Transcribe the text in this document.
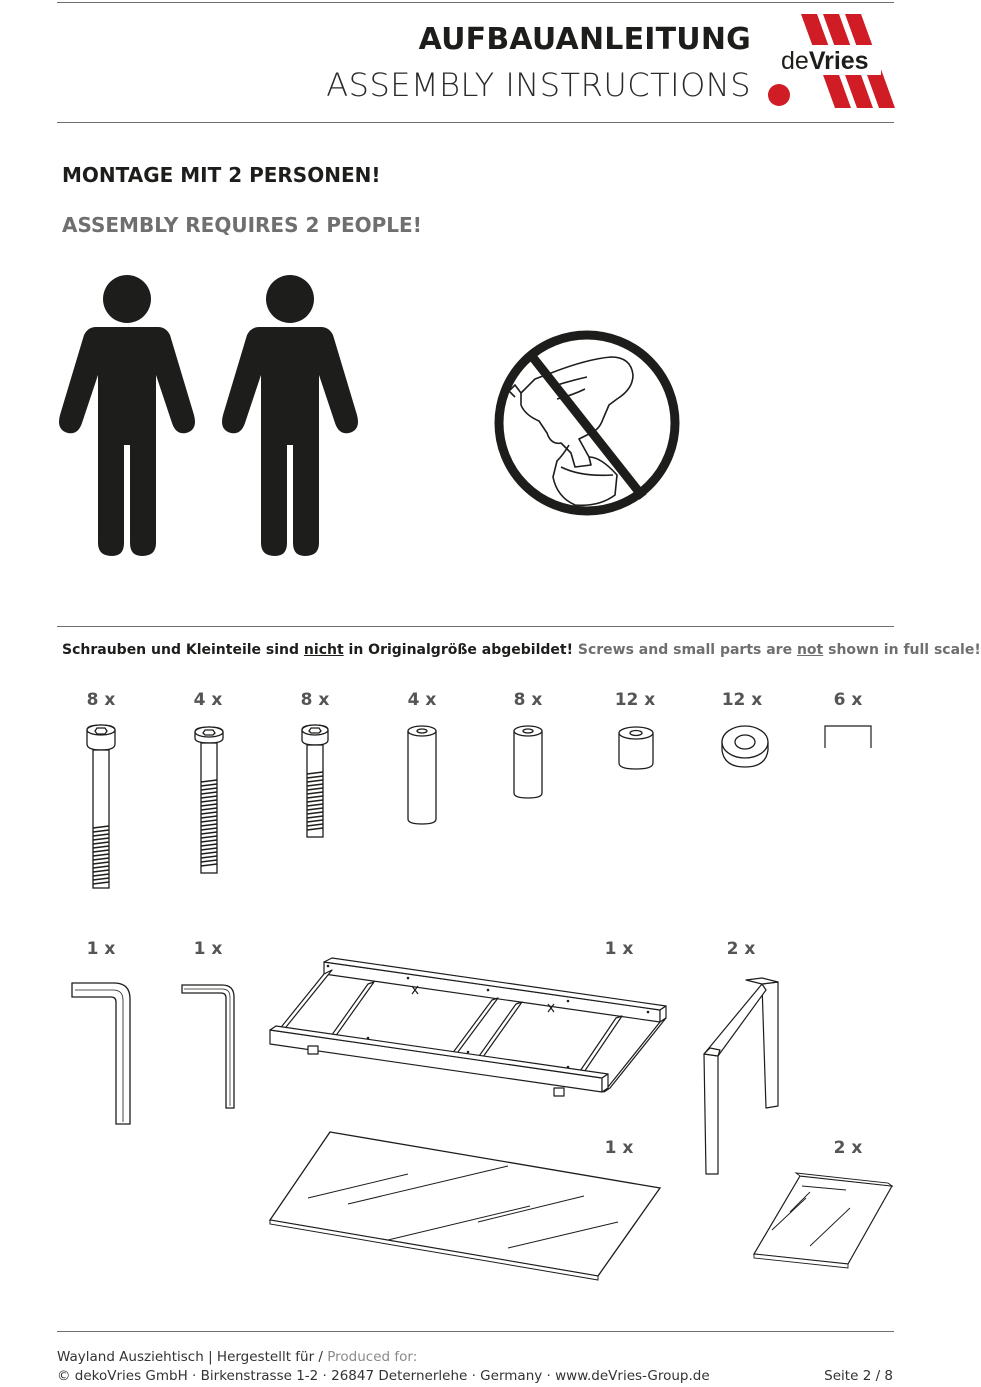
AUFBAUANLEITUNG
ASSEMBLY INSTRUCTIONS
deVries
MONTAGE MIT 2 PERSONEN!
ASSEMBLY REQUIRES 2 PEOPLE!
Schrauben und Kleinteile sind nicht in Originalgröße abgebildet! Screws and small parts are not shown in full scale!
8 x	4 x	8 x	4 x	8 x	12 x	12 x	6 x
1 x	1 x	1 x	2 x
1 x	2 x
Wayland Ausziehtisch | Hergestellt für / Produced for:
© dekoVries GmbH · Birkenstrasse 1-2 · 26847 Deternerlehe · Germany · www.deVries-Group.de	Seite 2 / 8
